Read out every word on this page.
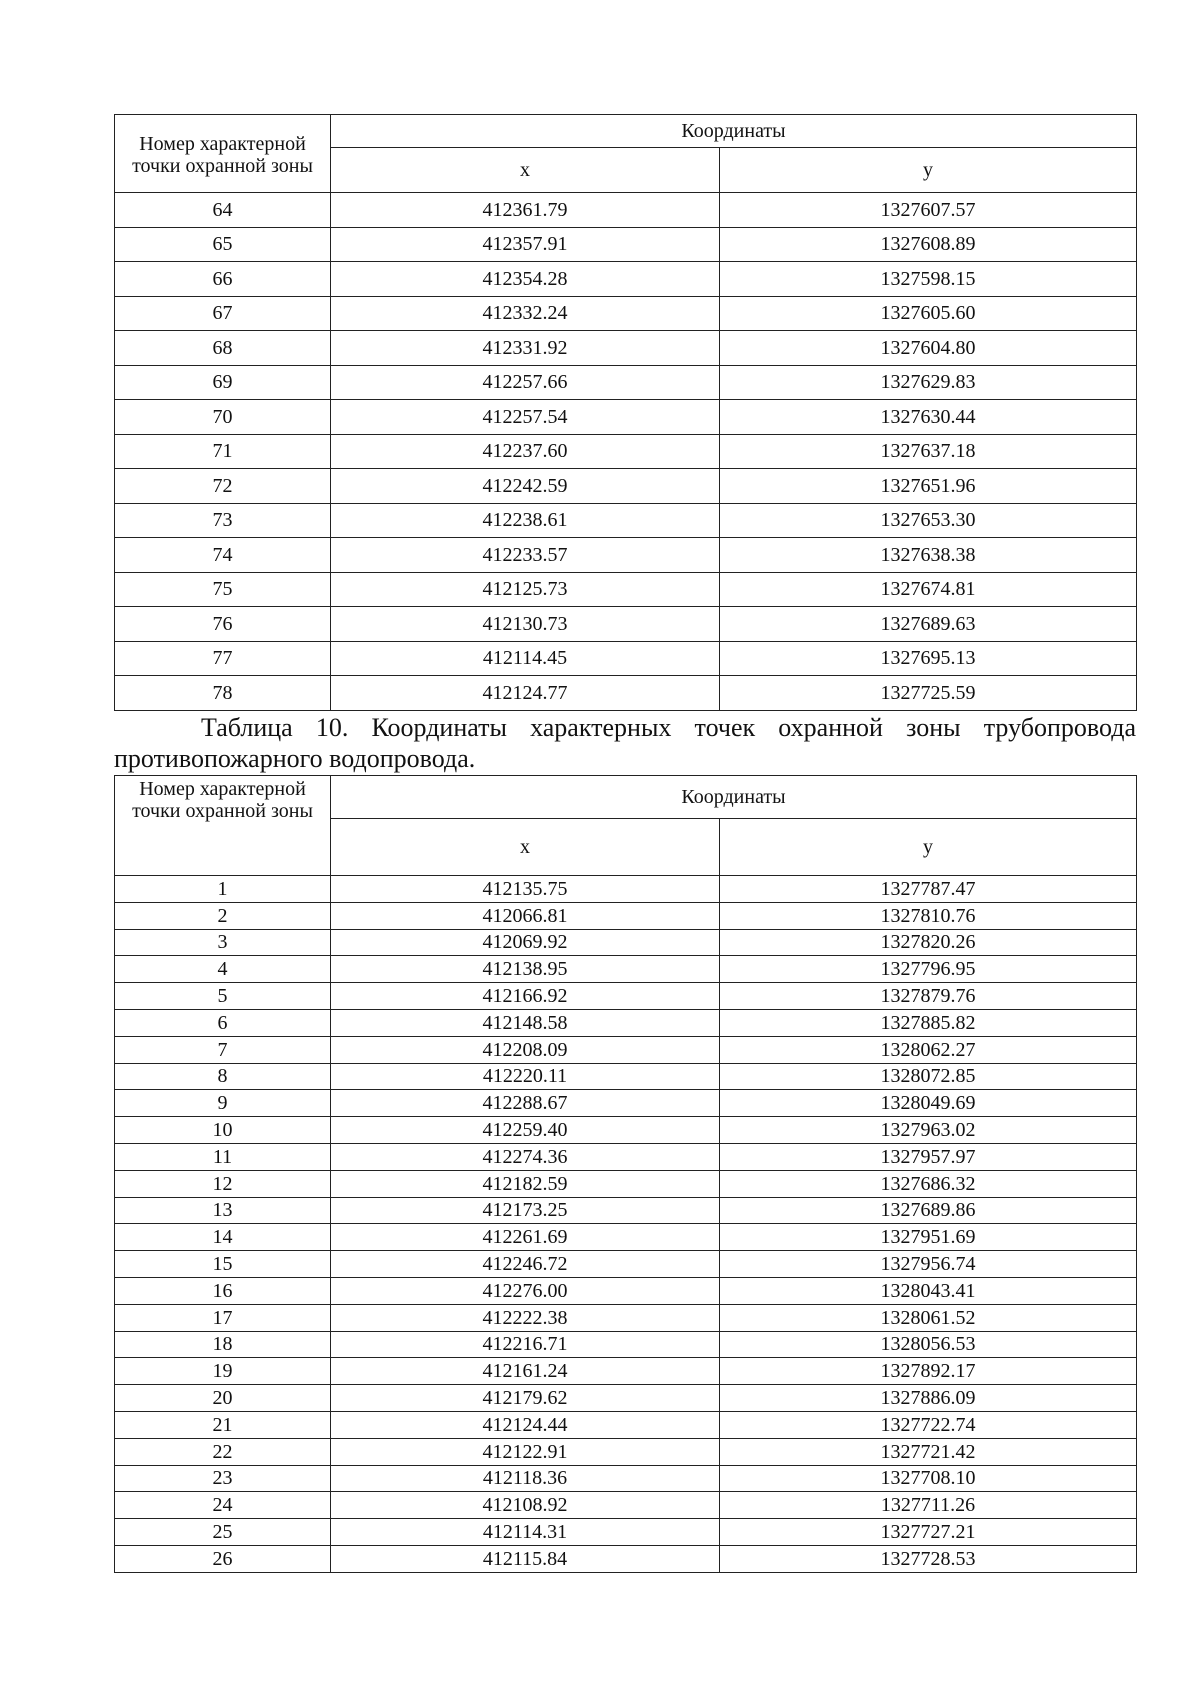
Номер характерной точки охранной зоны	Координаты	
	x	y
64	412361.79	1327607.57
65	412357.91	1327608.89
66	412354.28	1327598.15
67	412332.24	1327605.60
68	412331.92	1327604.80
69	412257.66	1327629.83
70	412257.54	1327630.44
71	412237.60	1327637.18
72	412242.59	1327651.96
73	412238.61	1327653.30
74	412233.57	1327638.38
75	412125.73	1327674.81
76	412130.73	1327689.63
77	412114.45	1327695.13
78	412124.77	1327725.59
Таблица 10. Координаты характерных точек охранной зоны трубопровода противопожарного водопровода.
Номер характерной точки охранной зоны	Координаты	
	x	y
1	412135.75	1327787.47
2	412066.81	1327810.76
3	412069.92	1327820.26
4	412138.95	1327796.95
5	412166.92	1327879.76
6	412148.58	1327885.82
7	412208.09	1328062.27
8	412220.11	1328072.85
9	412288.67	1328049.69
10	412259.40	1327963.02
11	412274.36	1327957.97
12	412182.59	1327686.32
13	412173.25	1327689.86
14	412261.69	1327951.69
15	412246.72	1327956.74
16	412276.00	1328043.41
17	412222.38	1328061.52
18	412216.71	1328056.53
19	412161.24	1327892.17
20	412179.62	1327886.09
21	412124.44	1327722.74
22	412122.91	1327721.42
23	412118.36	1327708.10
24	412108.92	1327711.26
25	412114.31	1327727.21
26	412115.84	1327728.53
